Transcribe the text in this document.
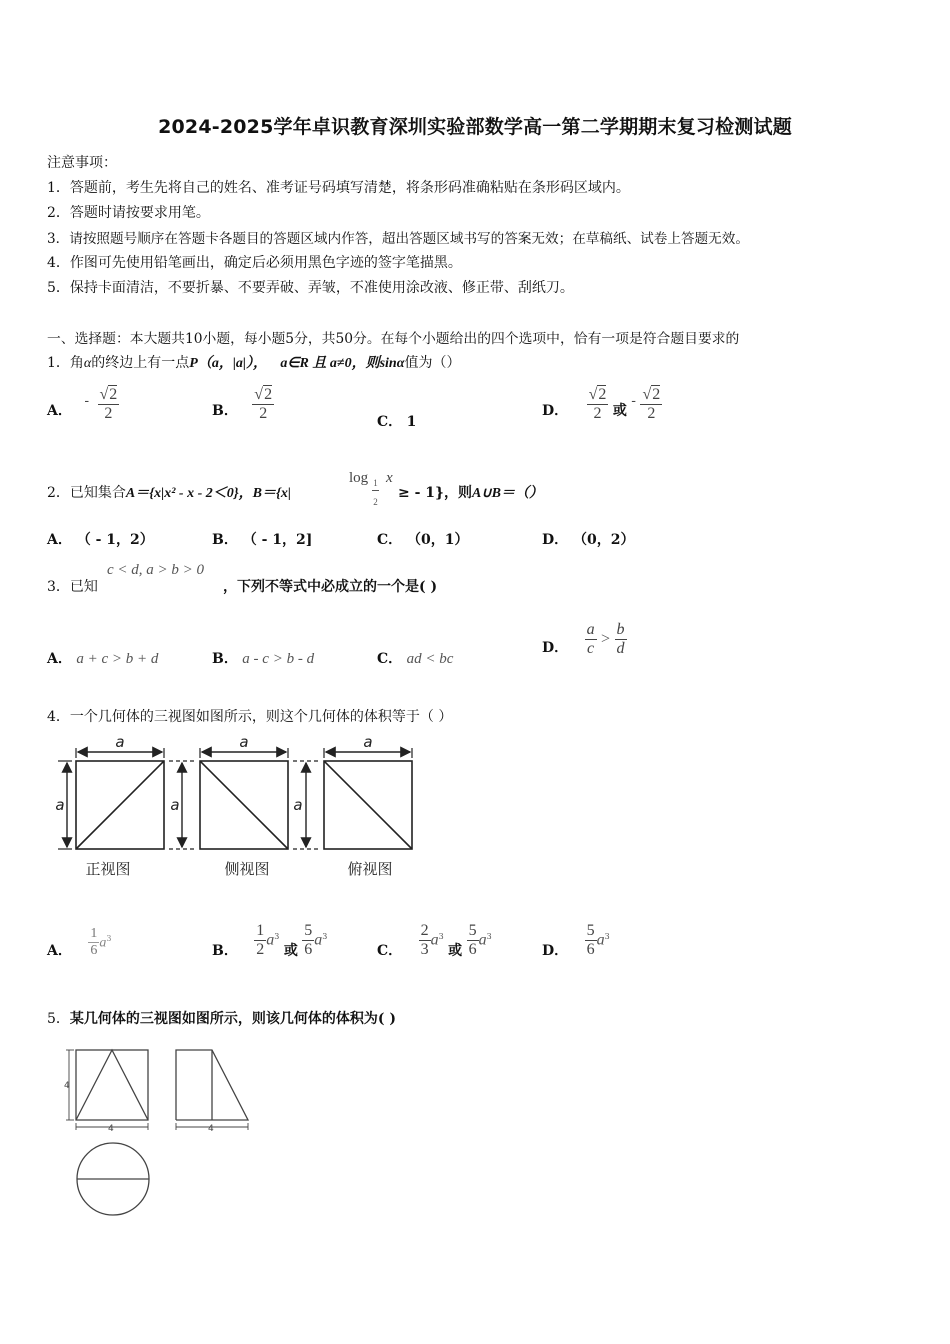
2024-2025学年卓识教育深圳实验部数学高一第二学期期末复习检测试题
注意事项：
1．答题前，考生先将自己的姓名、准考证号码填写清楚，将条形码准确粘贴在条形码区域内。
2．答题时请按要求用笔。
3．请按照题号顺序在答题卡各题目的答题区域内作答，超出答题区域书写的答案无效；在草稿纸、试卷上答题无效。
4．作图可先使用铅笔画出，确定后必须用黑色字迹的签字笔描黑。
5．保持卡面清洁，不要折暴、不要弄破、弄皱，不准使用涂改液、修正带、刮纸刀。
一、选择题：本大题共10小题，每小题5分，共50分。在每个小题给出的四个选项中，恰有一项是符合题目要求的
1．角α的终边上有一点P（a，|a|）， a∈R 且 a≠0，则sinα值为（）
A． - $\frac{√2}{2}$	B． $\frac{√2}{2}$	C． 1
D． $\frac{√2}{2}$ 或 - $\frac{√2}{2}$
2．已知集合A＝{x|x² - x - 2＜0}，B＝{x|
$\log \frac{1}{2}$ x
≥ - 1}，则A∪B＝（）
A． （ - 1，2）	B． （ - 1，2]	C． （0，1）	D． （0，2）
3．已知
c < d, a > b > 0
，下列不等式中必成立的一个是( )
A． a + c > b + d	B． a - c > b - d	C． ad < bc
D． $\frac{a}{c} > \frac{b}{d}$
4．一个几何体的三视图如图所示，则这个几何体的体积等于（ ）
a	a	a
a	a	a
正视图	侧视图	俯视图
A． $\frac{1}{6} a^3$
B． $\frac{1}{2} a^3$ 或 $\frac{5}{6} a^3$
C． $\frac{2}{3} a^3$ 或 $\frac{5}{6} a^3$
D． $\frac{5}{6} a^3$
5．某几何体的三视图如图所示，则该几何体的体积为( )
4
4	4
